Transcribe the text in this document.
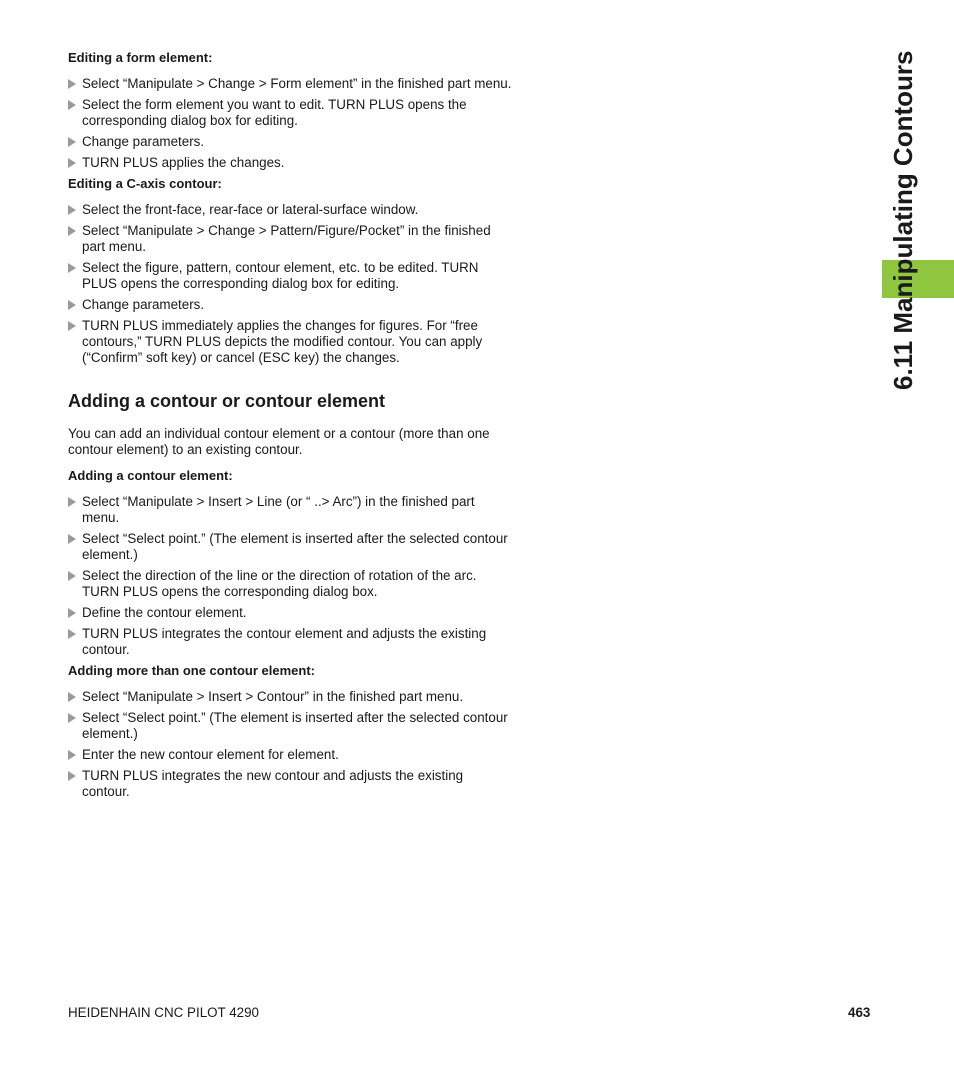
6.11 Manipulating Contours
Editing a form element:
Select “Manipulate > Change > Form element” in the finished part menu.
Select the form element you want to edit. TURN PLUS opens the corresponding dialog box for editing.
Change parameters.
TURN PLUS applies the changes.
Editing a C-axis contour:
Select the front-face, rear-face or lateral-surface window.
Select “Manipulate > Change > Pattern/Figure/Pocket” in the finished part menu.
Select the figure, pattern, contour element, etc. to be edited. TURN PLUS opens the corresponding dialog box for editing.
Change parameters.
TURN PLUS immediately applies the changes for figures. For “free contours,” TURN PLUS depicts the modified contour. You can apply (“Confirm” soft key) or cancel (ESC key) the changes.
Adding a contour or contour element
You can add an individual contour element or a contour (more than one contour element) to an existing contour.
Adding a contour element:
Select “Manipulate > Insert > Line (or “ ..> Arc”) in the finished part menu.
Select “Select point.” (The element is inserted after the selected contour element.)
Select the direction of the line or the direction of rotation of the arc. TURN PLUS opens the corresponding dialog box.
Define the contour element.
TURN PLUS integrates the contour element and adjusts the existing contour.
Adding more than one contour element:
Select “Manipulate > Insert > Contour” in the finished part menu.
Select “Select point.” (The element is inserted after the selected contour element.)
Enter the new contour element for element.
TURN PLUS integrates the new contour and adjusts the existing contour.
HEIDENHAIN CNC PILOT 4290	463
